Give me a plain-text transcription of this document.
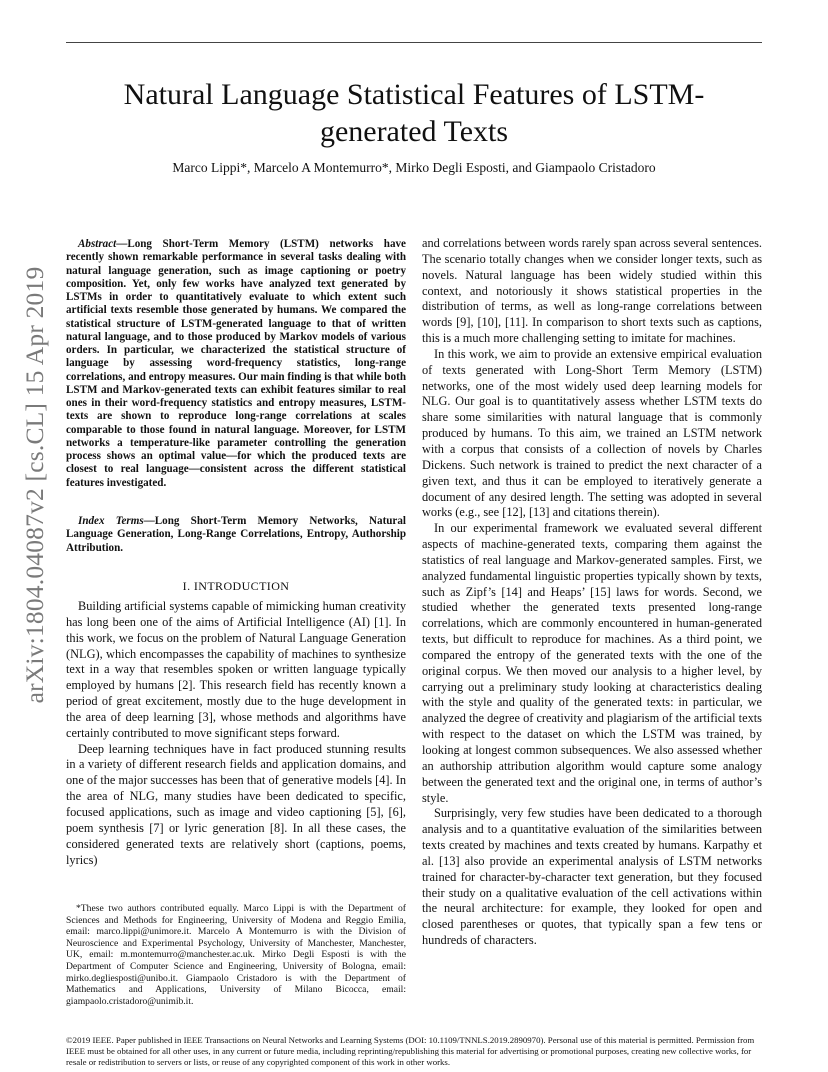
Natural Language Statistical Features of LSTM-generated Texts
Marco Lippi*, Marcelo A Montemurro*, Mirko Degli Esposti, and Giampaolo Cristadoro
arXiv:1804.04087v2 [cs.CL] 15 Apr 2019

Abstract—Long Short-Term Memory (LSTM) networks have recently shown remarkable performance in several tasks dealing with natural language generation, such as image captioning or poetry composition. Yet, only few works have analyzed text generated by LSTMs in order to quantitatively evaluate to which extent such artificial texts resemble those generated by humans. We compared the statistical structure of LSTM-generated language to that of written natural language, and to those produced by Markov models of various orders. In particular, we characterized the statistical structure of language by assessing word-frequency statistics, long-range correlations, and entropy measures. Our main finding is that while both LSTM and Markov-generated texts can exhibit features similar to real ones in their word-frequency statistics and entropy measures, LSTM-texts are shown to reproduce long-range correlations at scales comparable to those found in natural language. Moreover, for LSTM networks a temperature-like parameter controlling the generation process shows an optimal value—for which the produced texts are closest to real language—consistent across the different statistical features investigated.

Index Terms—Long Short-Term Memory Networks, Natural Language Generation, Long-Range Correlations, Entropy, Authorship Attribution.

I. INTRODUCTION

Building artificial systems capable of mimicking human creativity has long been one of the aims of Artificial Intelligence (AI) [1]. In this work, we focus on the problem of Natural Language Generation (NLG), which encompasses the capability of machines to synthesize text in a way that resembles spoken or written language typically employed by humans [2]. This research field has recently known a period of great excitement, mostly due to the huge development in the area of deep learning [3], whose methods and algorithms have certainly contributed to move significant steps forward.

Deep learning techniques have in fact produced stunning results in a variety of different research fields and application domains, and one of the major successes has been that of generative models [4]. In the area of NLG, many studies have been dedicated to specific, focused applications, such as image and video captioning [5], [6], poem synthesis [7] or lyric generation [8]. In all these cases, the considered generated texts are relatively short (captions, poems, lyrics)

*These two authors contributed equally. Marco Lippi is with the Department of Sciences and Methods for Engineering, University of Modena and Reggio Emilia, email: marco.lippi@unimore.it. Marcelo A Montemurro is with the Division of Neuroscience and Experimental Psychology, University of Manchester, Manchester, UK, email: m.montemurro@manchester.ac.uk. Mirko Degli Esposti is with the Department of Computer Science and Engineering, University of Bologna, email: mirko.degliesposti@unibo.it. Giampaolo Cristadoro is with the Department of Mathematics and Applications, University of Milano Bicocca, email: giampaolo.cristadoro@unimib.it.

and correlations between words rarely span across several sentences. The scenario totally changes when we consider longer texts, such as novels. Natural language has been widely studied within this context, and notoriously it shows statistical properties in the distribution of terms, as well as long-range correlations between words [9], [10], [11]. In comparison to short texts such as captions, this is a much more challenging setting to imitate for machines.

In this work, we aim to provide an extensive empirical evaluation of texts generated with Long-Short Term Memory (LSTM) networks, one of the most widely used deep learning models for NLG. Our goal is to quantitatively assess whether LSTM texts do share some similarities with natural language that is commonly produced by humans. To this aim, we trained an LSTM network with a corpus that consists of a collection of novels by Charles Dickens. Such network is trained to predict the next character of a given text, and thus it can be employed to iteratively generate a document of any desired length. The setting was adopted in several works (e.g., see [12], [13] and citations therein).

In our experimental framework we evaluated several different aspects of machine-generated texts, comparing them against the statistics of real language and Markov-generated samples. First, we analyzed fundamental linguistic properties typically shown by texts, such as Zipf’s [14] and Heaps’ [15] laws for words. Second, we studied whether the generated texts presented long-range correlations, which are commonly encountered in human-generated texts, but difficult to reproduce for machines. As a third point, we compared the entropy of the generated texts with the one of the original corpus. We then moved our analysis to a higher level, by carrying out a preliminary study looking at characteristics dealing with the style and quality of the generated texts: in particular, we analyzed the degree of creativity and plagiarism of the artificial texts with respect to the dataset on which the LSTM was trained, by looking at longest common subsequences. We also assessed whether an authorship attribution algorithm would capture some analogy between the generated text and the original one, in terms of author’s style.

Surprisingly, very few studies have been dedicated to a thorough analysis and to a quantitative evaluation of the similarities between texts created by machines and texts created by humans. Karpathy et al. [13] also provide an experimental analysis of LSTM networks trained for character-by-character text generation, but they focused their study on a qualitative evaluation of the cell activations within the neural architecture: for example, they looked for open and closed parentheses or quotes, that typically span a few tens or hundreds of characters.

©2019 IEEE. Paper published in IEEE Transactions on Neural Networks and Learning Systems (DOI: 10.1109/TNNLS.2019.2890970). Personal use of this material is permitted. Permission from IEEE must be obtained for all other uses, in any current or future media, including reprinting/republishing this material for advertising or promotional purposes, creating new collective works, for resale or redistribution to servers or lists, or reuse of any copyrighted component of this work in other works.
